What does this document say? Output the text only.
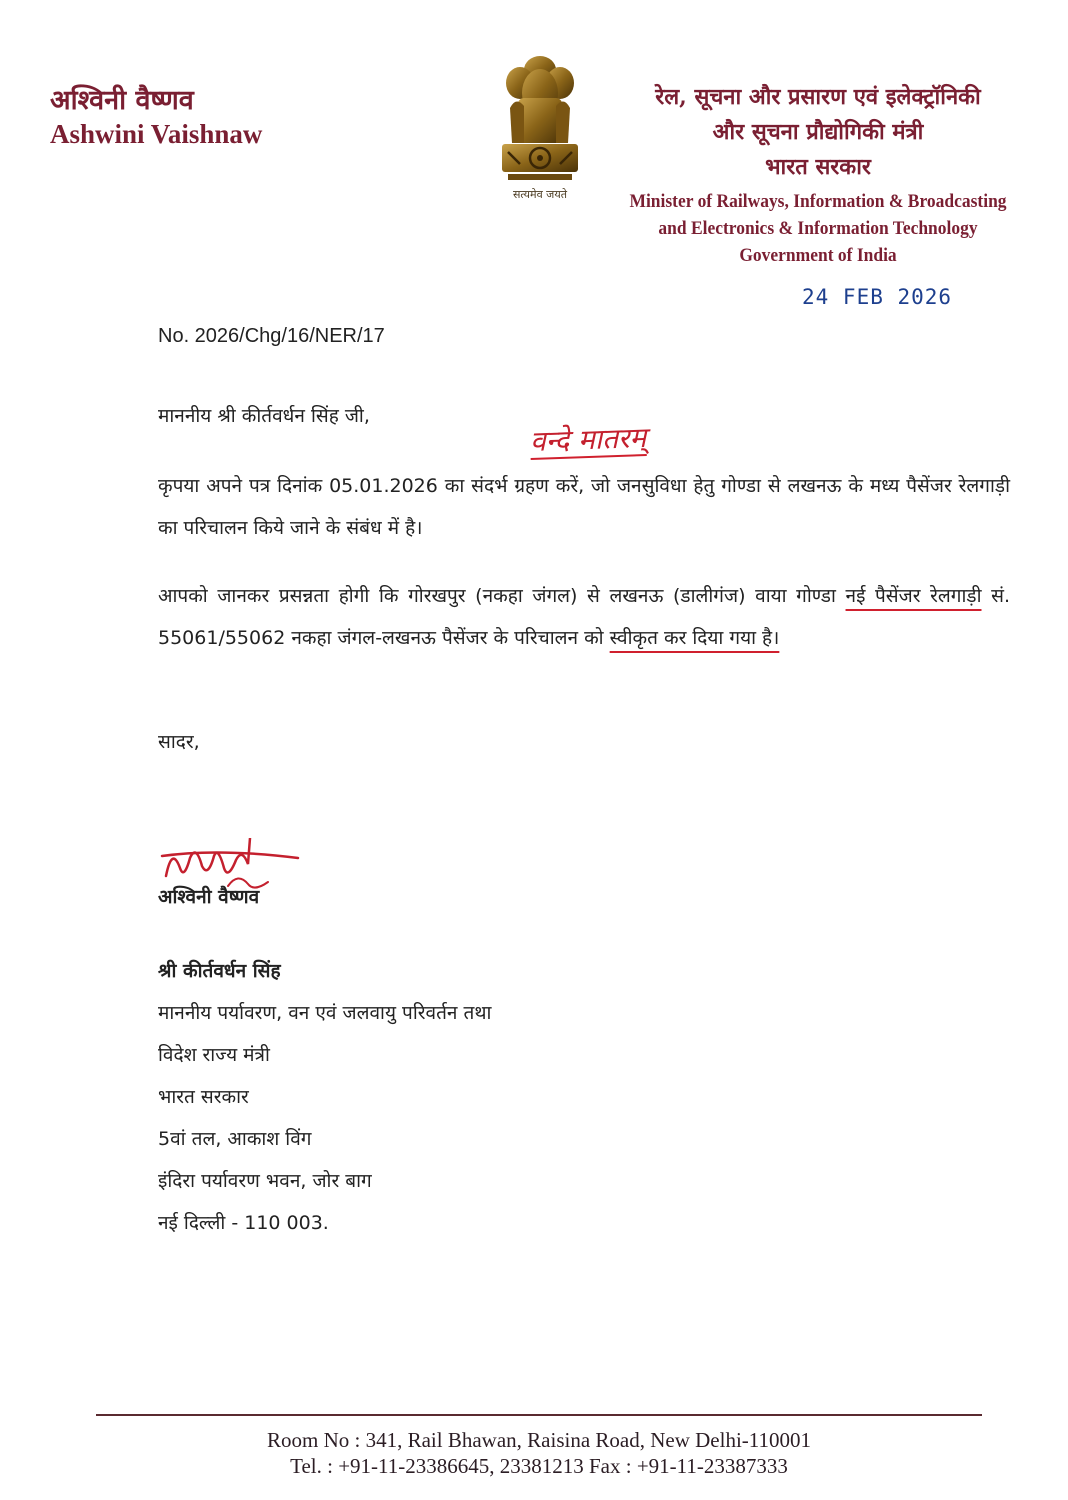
अश्विनी वैष्णव
Ashwini Vaishnaw
सत्यमेव जयते
रेल, सूचना और प्रसारण एवं इलेक्ट्रॉनिकी
और सूचना प्रौद्योगिकी मंत्री
भारत सरकार
Minister of Railways, Information & Broadcasting
and Electronics & Information Technology
Government of India
24 FEB 2026
No. 2026/Chg/16/NER/17
माननीय श्री कीर्तवर्धन सिंह जी,
वन्दे मातरम्
कृपया अपने पत्र दिनांक 05.01.2026 का संदर्भ ग्रहण करें, जो जनसुविधा हेतु गोण्डा से लखनऊ के मध्य पैसेंजर रेलगाड़ी का परिचालन किये जाने के संबंध में है।
आपको जानकर प्रसन्नता होगी कि गोरखपुर (नकहा जंगल) से लखनऊ (डालीगंज) वाया गोण्डा नई पैसेंजर रेलगाड़ी सं. 55061/55062 नकहा जंगल-लखनऊ पैसेंजर के परिचालन को स्वीकृत कर दिया गया है।
सादर,
अश्विनी वैष्णव
श्री कीर्तवर्धन सिंह
माननीय पर्यावरण, वन एवं जलवायु परिवर्तन तथा
विदेश राज्य मंत्री
भारत सरकार
5वां तल, आकाश विंग
इंदिरा पर्यावरण भवन, जोर बाग
नई दिल्ली - 110 003.
Room No : 341, Rail Bhawan, Raisina Road, New Delhi-110001
Tel. : +91-11-23386645, 23381213 Fax : +91-11-23387333
